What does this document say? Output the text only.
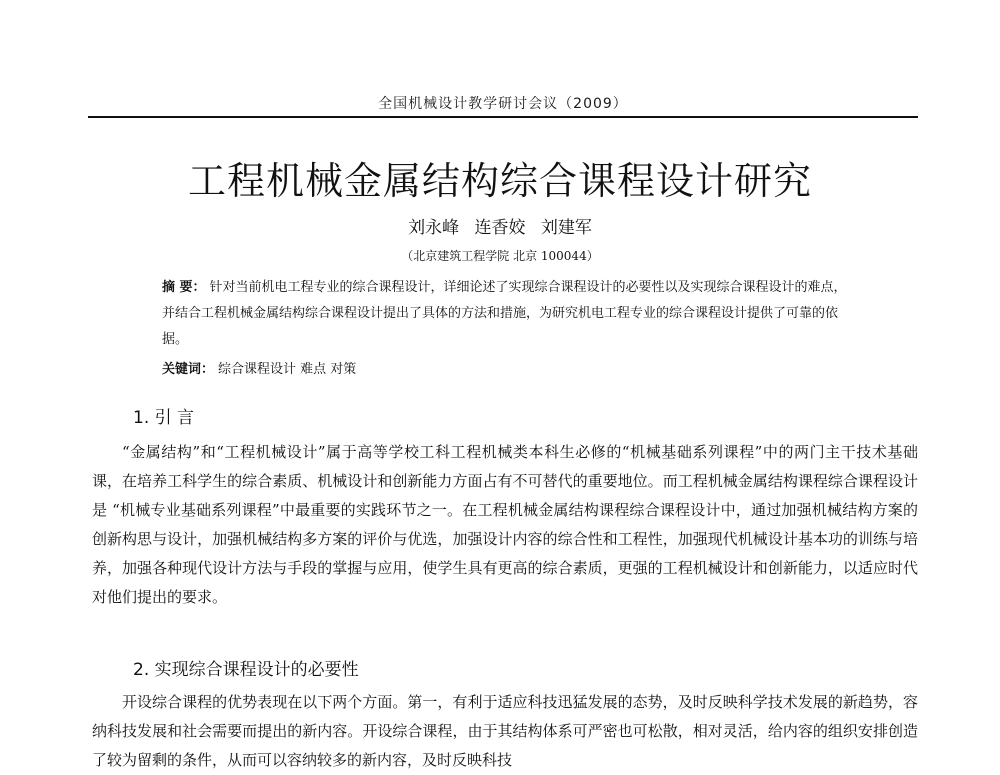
全国机械设计教学研讨会议（2009）
工程机械金属结构综合课程设计研究
刘永峰 连香姣 刘建军
（北京建筑工程学院 北京 100044）
摘 要： 针对当前机电工程专业的综合课程设计，详细论述了实现综合课程设计的必要性以及实现综合课程设计的难点，并结合工程机械金属结构综合课程设计提出了具体的方法和措施，为研究机电工程专业的综合课程设计提供了可靠的依据。
关键词： 综合课程设计 难点 对策
1. 引 言
“金属结构”和“工程机械设计”属于高等学校工科工程机械类本科生必修的“机械基础系列课程”中的两门主干技术基础课，在培养工科学生的综合素质、机械设计和创新能力方面占有不可替代的重要地位。而工程机械金属结构课程综合课程设计是 “机械专业基础系列课程”中最重要的实践环节之一。在工程机械金属结构课程综合课程设计中，通过加强机械结构方案的创新构思与设计，加强机械结构多方案的评价与优选，加强设计内容的综合性和工程性，加强现代机械设计基本功的训练与培养，加强各种现代设计方法与手段的掌握与应用，使学生具有更高的综合素质，更强的工程机械设计和创新能力，以适应时代对他们提出的要求。
2. 实现综合课程设计的必要性
开设综合课程的优势表现在以下两个方面。第一，有利于适应科技迅猛发展的态势，及时反映科学技术发展的新趋势，容纳科技发展和社会需要而提出的新内容。开设综合课程，由于其结构体系可严密也可松散，相对灵活，给内容的组织安排创造了较为留剩的条件，从而可以容纳较多的新内容，及时反映科技
